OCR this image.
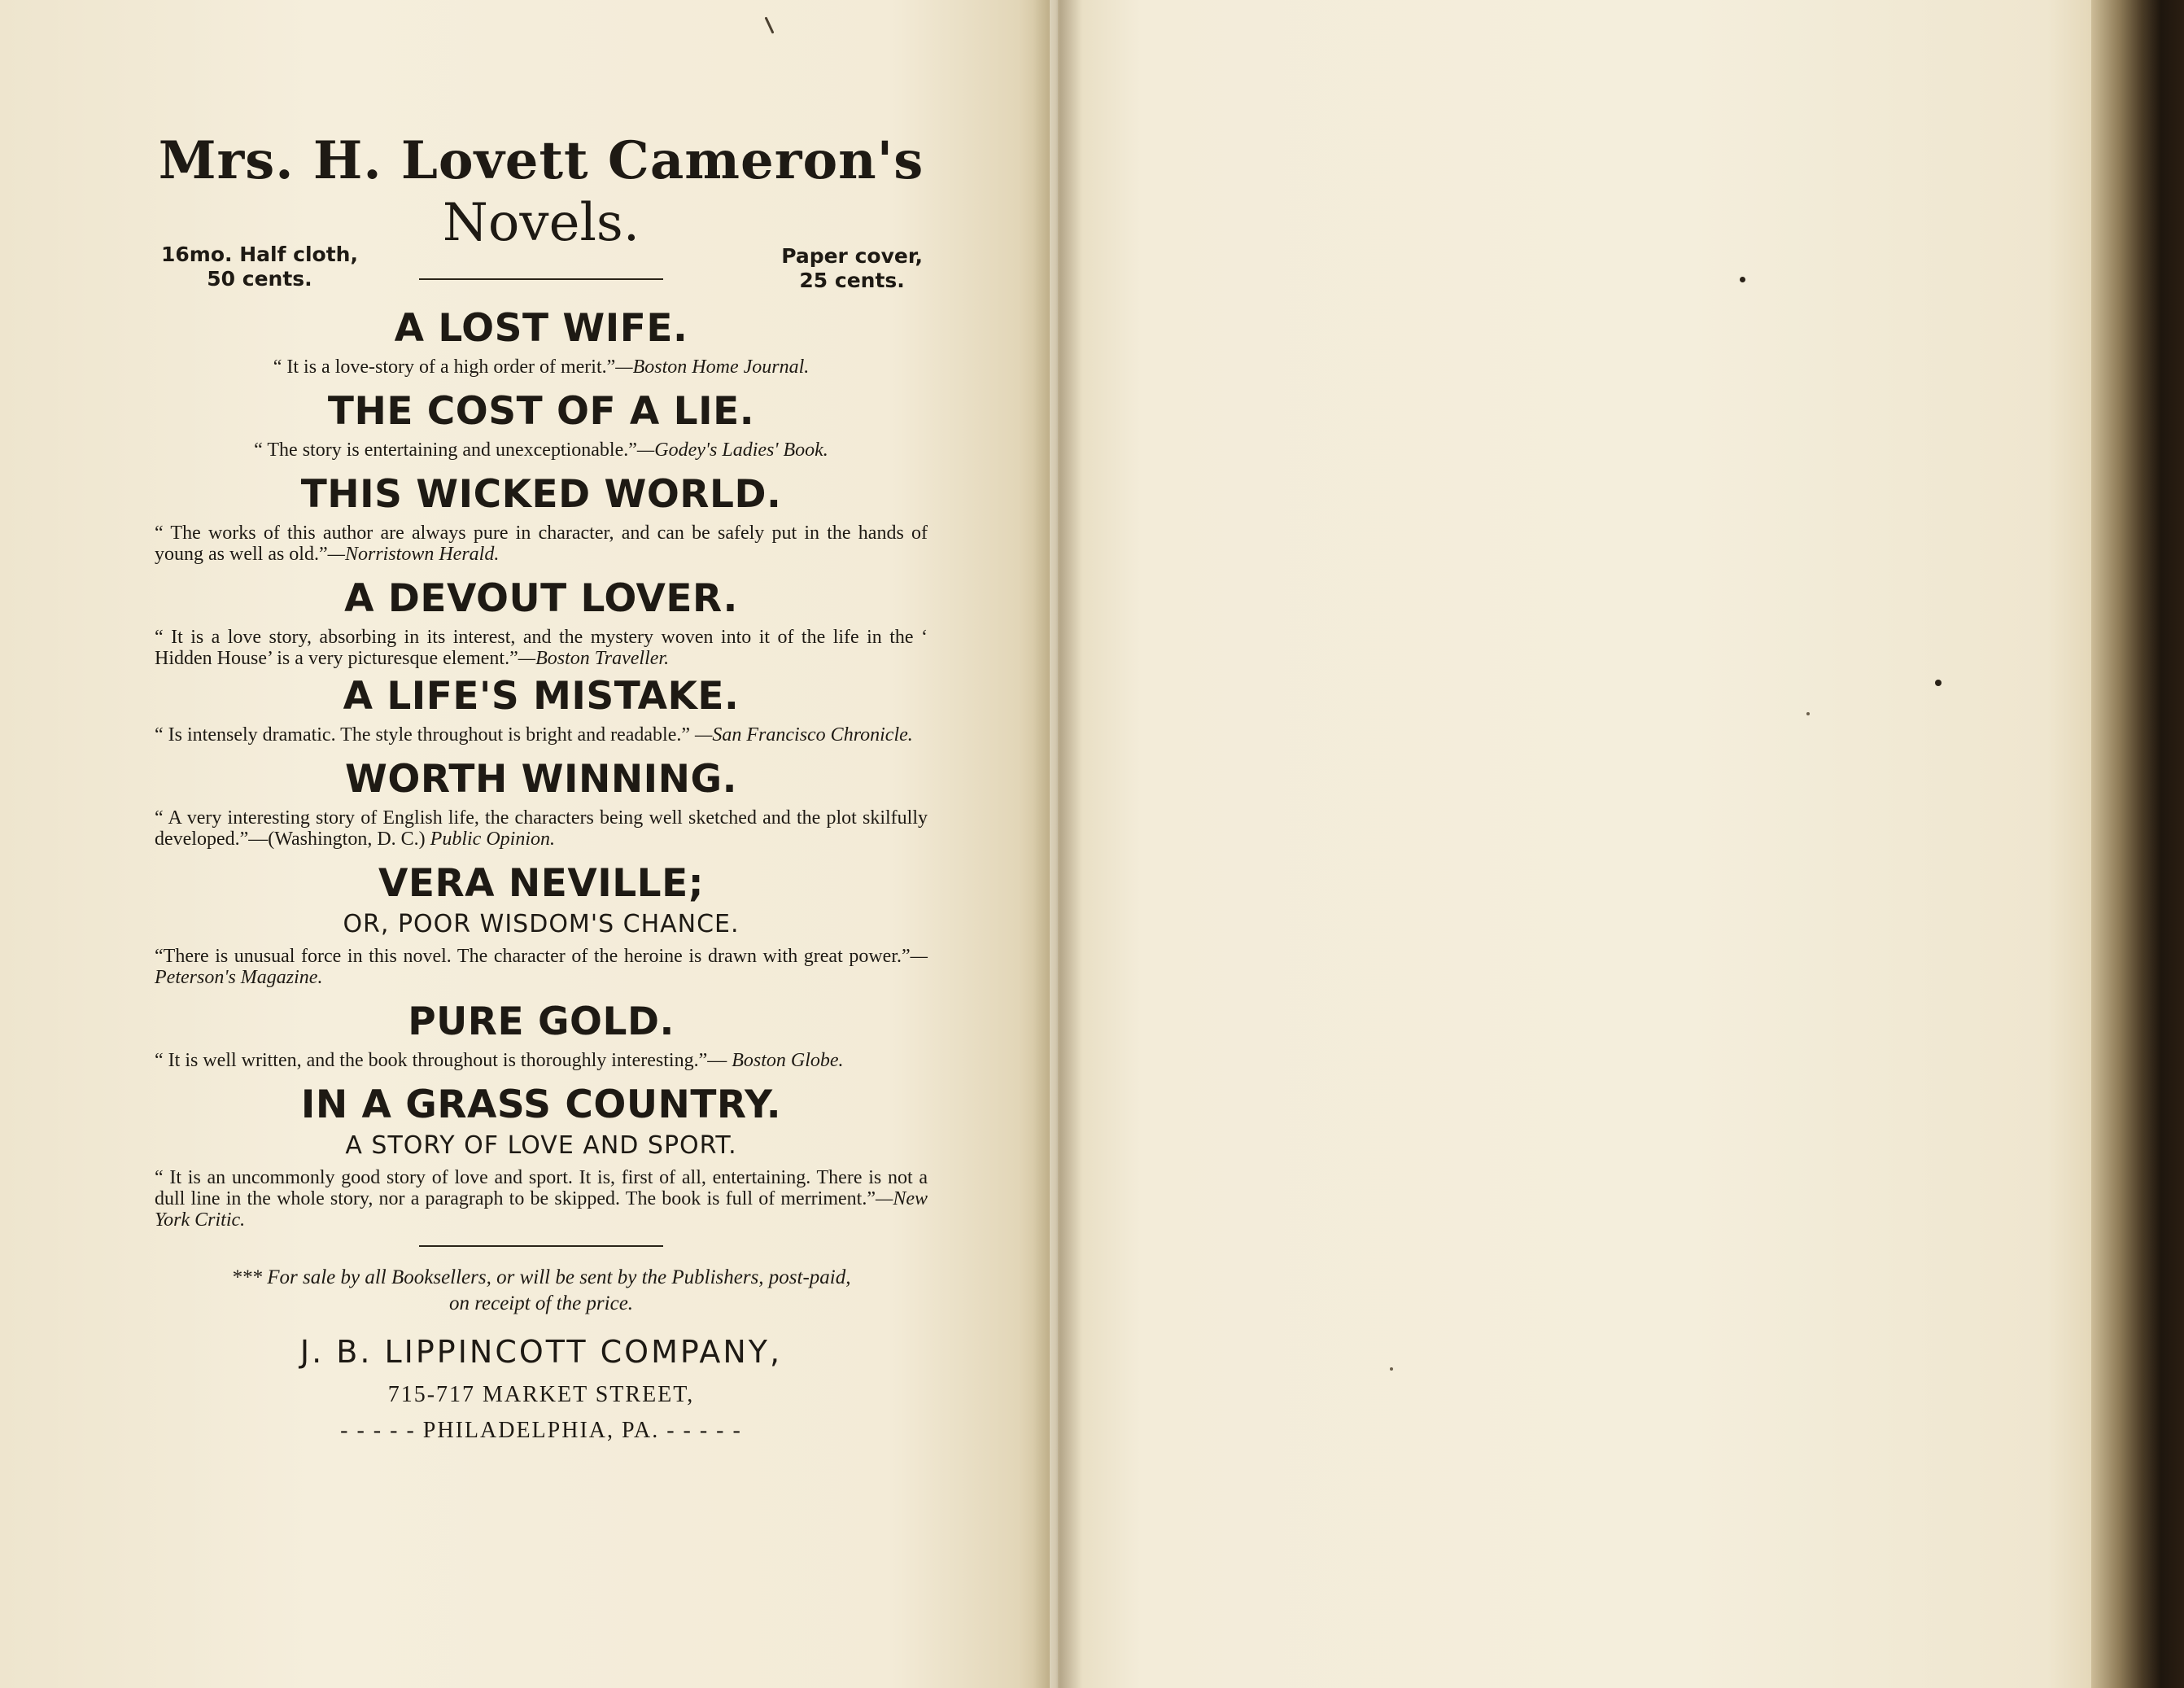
Mrs. H. Lovett Cameron's
Novels.
16mo. Half cloth,
50 cents.
Paper cover,
25 cents.
A LOST WIFE.

“ It is a love-story of a high order of merit.”—Boston Home Journal.

THE COST OF A LIE.

“ The story is entertaining and unexceptionable.”—Godey's Ladies' Book.

THIS WICKED WORLD.

“ The works of this author are always pure in character, and can be safely put in the hands of young as well as old.”—Norristown Herald.

A DEVOUT LOVER.

“ It is a love story, absorbing in its interest, and the mystery woven into it of the life in the ‘ Hidden House’ is a very picturesque element.”—Boston Traveller.

A LIFE'S MISTAKE.

“ Is intensely dramatic. The style throughout is bright and readable.” —San Francisco Chronicle.

WORTH WINNING.

“ A very interesting story of English life, the characters being well sketched and the plot skilfully developed.”—(Washington, D. C.) Public Opinion.

VERA NEVILLE;
OR, POOR WISDOM'S CHANCE.

“There is unusual force in this novel. The character of the heroine is drawn with great power.”—Peterson's Magazine.

PURE GOLD.

“ It is well written, and the book throughout is thoroughly interesting.”— Boston Globe.

IN A GRASS COUNTRY.
A STORY OF LOVE AND SPORT.

“ It is an uncommonly good story of love and sport. It is, first of all, entertaining. There is not a dull line in the whole story, nor a paragraph to be skipped. The book is full of merriment.”—New York Critic.

*** For sale by all Booksellers, or will be sent by the Publishers, post-paid,
on receipt of the price.
J. B. LIPPINCOTT COMPANY,
715-717 MARKET STREET,
- - - - - PHILADELPHIA, PA. - - - - -
